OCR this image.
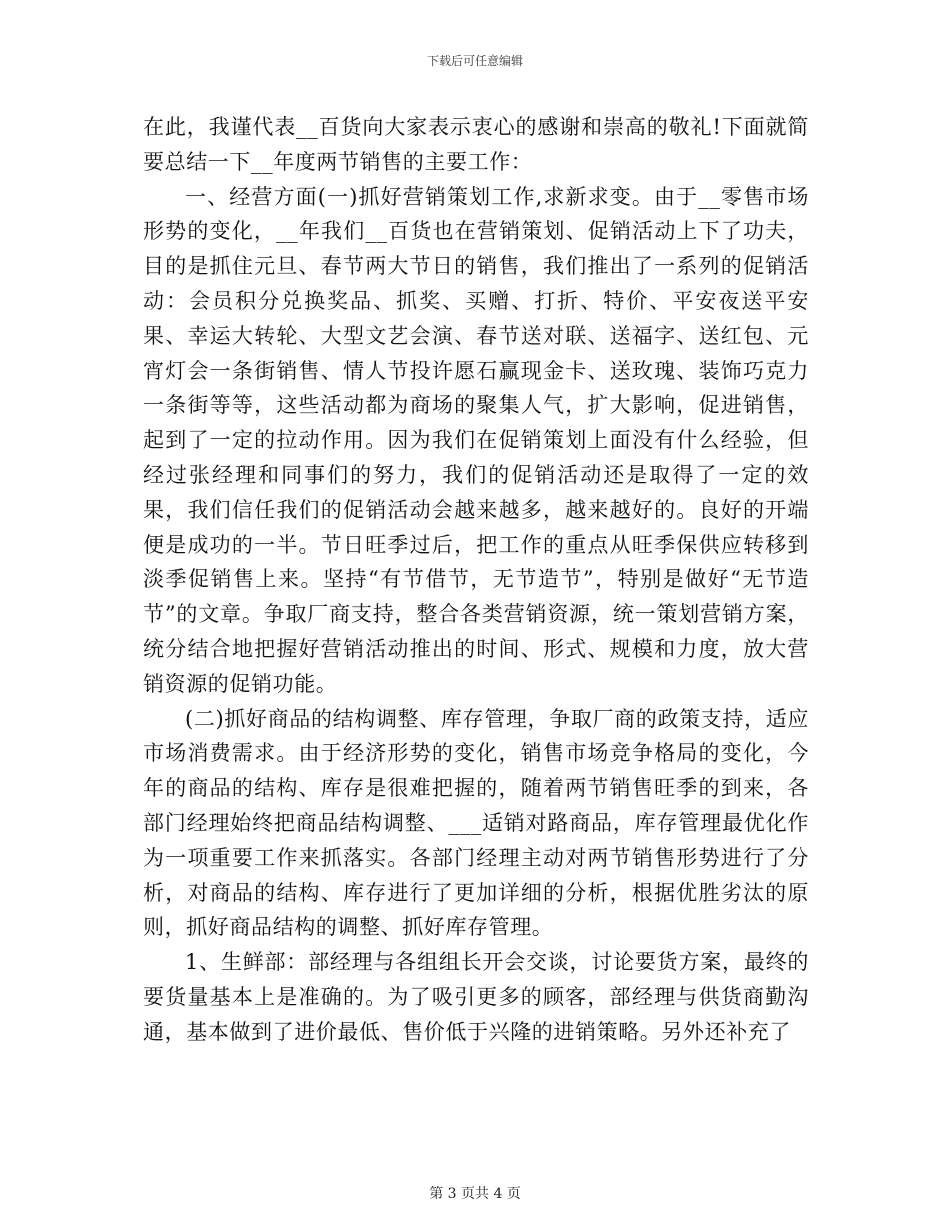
下载后可任意编辑

在此，我谨代表__百货向大家表示衷心的感谢和崇高的敬礼!下面就简要总结一下__年度两节销售的主要工作：

一、经营方面(一)抓好营销策划工作,求新求变。由于__零售市场形势的变化，__年我们__百货也在营销策划、促销活动上下了功夫，目的是抓住元旦、春节两大节日的销售，我们推出了一系列的促销活动：会员积分兑换奖品、抓奖、买赠、打折、特价、平安夜送平安果、幸运大转轮、大型文艺会演、春节送对联、送福字、送红包、元宵灯会一条街销售、情人节投许愿石赢现金卡、送玫瑰、装饰巧克力一条街等等，这些活动都为商场的聚集人气，扩大影响，促进销售，起到了一定的拉动作用。因为我们在促销策划上面没有什么经验，但经过张经理和同事们的努力，我们的促销活动还是取得了一定的效果，我们信任我们的促销活动会越来越多，越来越好的。良好的开端便是成功的一半。节日旺季过后，把工作的重点从旺季保供应转移到淡季促销售上来。坚持“有节借节，无节造节”，特别是做好“无节造节”的文章。争取厂商支持，整合各类营销资源，统一策划营销方案，统分结合地把握好营销活动推出的时间、形式、规模和力度，放大营销资源的促销功能。

(二)抓好商品的结构调整、库存管理，争取厂商的政策支持，适应市场消费需求。由于经济形势的变化，销售市场竞争格局的变化，今年的商品的结构、库存是很难把握的，随着两节销售旺季的到来，各部门经理始终把商品结构调整、___适销对路商品，库存管理最优化作为一项重要工作来抓落实。各部门经理主动对两节销售形势进行了分析，对商品的结构、库存进行了更加详细的分析，根据优胜劣汰的原则，抓好商品结构的调整、抓好库存管理。

1、生鲜部：部经理与各组组长开会交谈，讨论要货方案，最终的要货量基本上是准确的。为了吸引更多的顾客，部经理与供货商勤沟通，基本做到了进价最低、售价低于兴隆的进销策略。另外还补充了

第 3 页共 4 页
